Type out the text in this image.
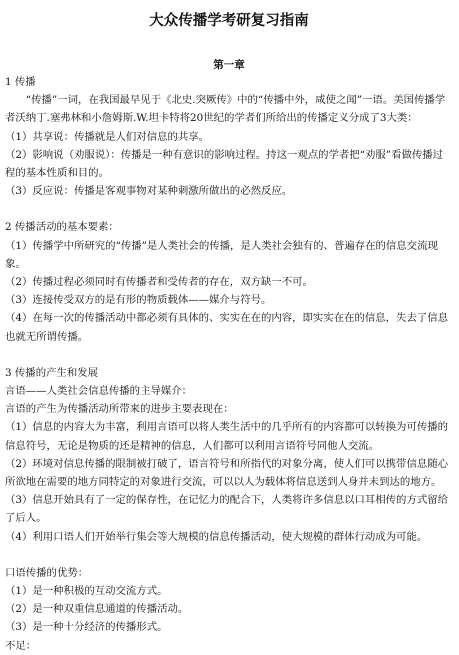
大众传播学考研复习指南
第一章

1 传播

“传播”一词，在我国最早见于《北史.突厥传》中的“传播中外，咸使之闻”一语。美国传播学者沃纳丁.塞弗林和小詹姆斯.W.坦卡特将20世纪的学者们所给出的传播定义分成了3大类：

（1）共享说：传播就是人们对信息的共享。

（2）影响说（劝服说）：传播是一种有意识的影响过程。持这一观点的学者把“劝服”看做传播过程的基本性质和目的。

（3）反应说：传播是客观事物对某种刺激所做出的必然反应。

2 传播活动的基本要素：

（1）传播学中所研究的“传播”是人类社会的传播，是人类社会独有的、普遍存在的信息交流现象。

（2）传播过程必须同时有传播者和受传者的存在，双方缺一不可。

（3）连接传受双方的是有形的物质载体——媒介与符号。

（4）在每一次的传播活动中都必须有具体的、实实在在的内容，即实实在在的信息，失去了信息也就无所谓传播。

3 传播的产生和发展

言语——人类社会信息传播的主导媒介：

言语的产生为传播活动所带来的进步主要表现在：

（1）信息的内容大为丰富，利用言语可以将人类生活中的几乎所有的内容都可以转换为可传播的信息符号，无论是物质的还是精神的信息，人们都可以利用言语符号同他人交流。

（2）环境对信息传播的限制被打破了，语言符号和所指代的对象分离，使人们可以携带信息随心所欲地在需要的地方同特定的对象进行交流，可以以人为载体将信息送到人身并未到达的地方。

（3）信息开始具有了一定的保存性，在记忆力的配合下，人类将许多信息以口耳相传的方式留给了后人。

（4）利用口语人们开始举行集会等大规模的信息传播活动，使大规模的群体行动成为可能。

口语传播的优势：

（1）是一种积极的互动交流方式。

（2）是一种双重信息通道的传播活动。

（3）是一种十分经济的传播形式。

不足：
